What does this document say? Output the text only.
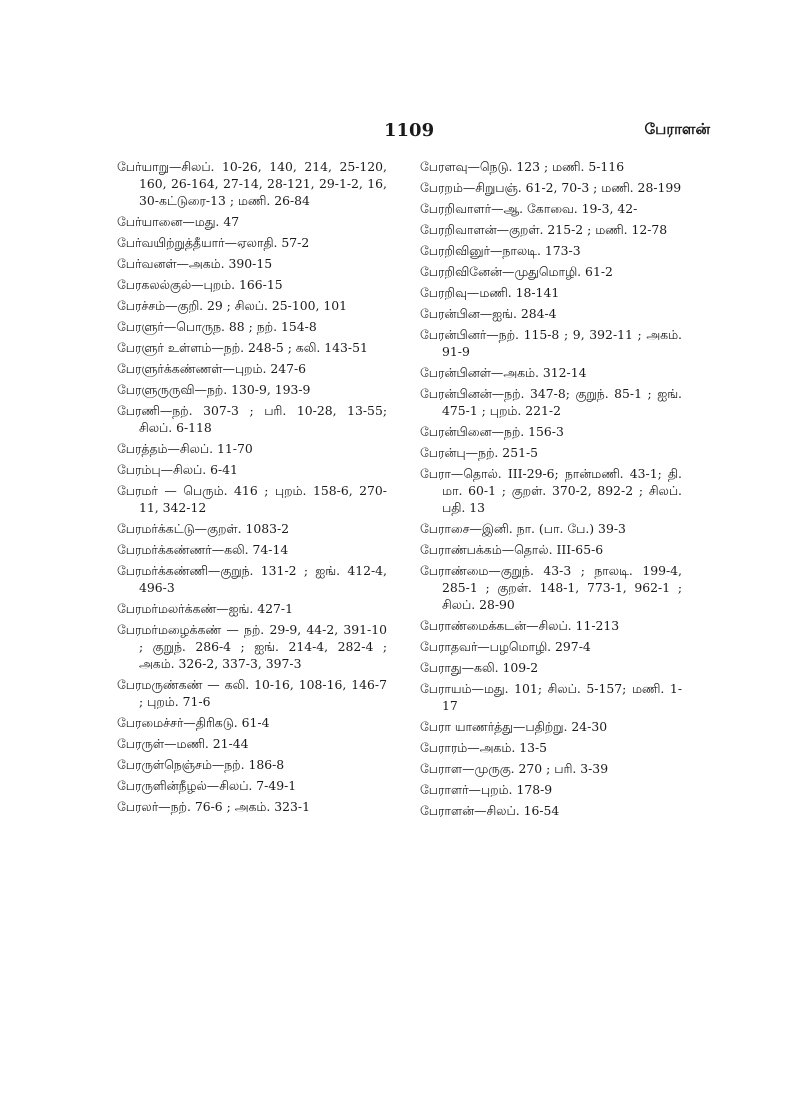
1109	பேராளன்
பேர்யாறு—சிலப். 10-26, 140, 214, 25-120, 160, 26-164, 27-14, 28-121, 29-1-2, 16, 30-கட்டுரை-13 ; மணி. 26-84
பேர்யானை—மது. 47
பேர்வயிற்றுத்தீயார்—ஏலாதி. 57-2
பேர்வனள்—அகம். 390-15
பேரகலல்குல்—புறம். 166-15
பேரச்சம்—குறி. 29 ; சிலப். 25-100, 101
பேரளுர்—பொருந. 88 ; நற். 154-8
பேரளுர் உள்ளம்—நற். 248-5 ; கலி. 143-51
பேரளுர்க்கண்ணள்—புறம். 247-6
பேரளுருருவி—நற். 130-9, 193-9
பேரணி—நற். 307-3 ; பரி. 10-28, 13-55; சிலப். 6-118
பேரத்தம்—சிலப். 11-70
பேரம்பு—சிலப். 6-41
பேரமர் — பெரும். 416 ; புறம். 158-6, 270-11, 342-12
பேரமர்க்கட்டு—குறள். 1083-2
பேரமர்க்கண்ணர்—கலி. 74-14
பேரமர்க்கண்ணி—குறுந். 131-2 ; ஐங். 412-4, 496-3
பேரமர்மலர்க்கண்—ஐங். 427-1
பேரமர்மழைக்கண் — நற். 29-9, 44-2, 391-10 ; குறுந். 286-4 ; ஐங். 214-4, 282-4 ; அகம். 326-2, 337-3, 397-3
பேரமருண்கண் — கலி. 10-16, 108-16, 146-7 ; புறம். 71-6
பேரமைச்சர்—திரிகடு. 61-4
பேரருள்—மணி. 21-44
பேரருள்நெஞ்சம்—நற். 186-8
பேரருளின்நீழல்—சிலப். 7-49-1
பேரலர்—நற். 76-6 ; அகம். 323-1
பேரளவு—நெடு. 123 ; மணி. 5-116
பேரறம்—சிறுபஞ். 61-2, 70-3 ; மணி. 28-199
பேரறிவாளர்—ஆ. கோவை. 19-3, 42-
பேரறிவாளன்—குறள். 215-2 ; மணி. 12-78
பேரறிவினுர்—நாலடி. 173-3
பேரறிவினேன்—முதுமொழி. 61-2
பேரறிவு—மணி. 18-141
பேரன்பின—ஐங். 284-4
பேரன்பினர்—நற். 115-8 ; 9, 392-11 ; அகம். 91-9
பேரன்பினள்—அகம். 312-14
பேரன்பினன்—நற். 347-8; குறுந். 85-1 ; ஐங். 475-1 ; புறம். 221-2
பேரன்பினை—நற். 156-3
பேரன்பு—நற். 251-5
பேரா—தொல். III-29-6; நான்மணி. 43-1; தி. மா. 60-1 ; குறள். 370-2, 892-2 ; சிலப். பதி. 13
பேராசை—இனி. நா. (பா. பே.) 39-3
பேராண்பக்கம்—தொல். III-65-6
பேராண்மை—குறுந். 43-3 ; நாலடி. 199-4, 285-1 ; குறள். 148-1, 773-1, 962-1 ; சிலப். 28-90
பேராண்மைக்கடன்—சிலப். 11-213
பேராதவர்—பழமொழி. 297-4
பேராது—கலி. 109-2
பேராயம்—மது. 101; சிலப். 5-157; மணி. 1-17
பேரா யாணர்த்து—பதிற்று. 24-30
பேராரம்—அகம். 13-5
பேராள—முருகு. 270 ; பரி. 3-39
பேராளர்—புறம். 178-9
பேராளன்—சிலப். 16-54
